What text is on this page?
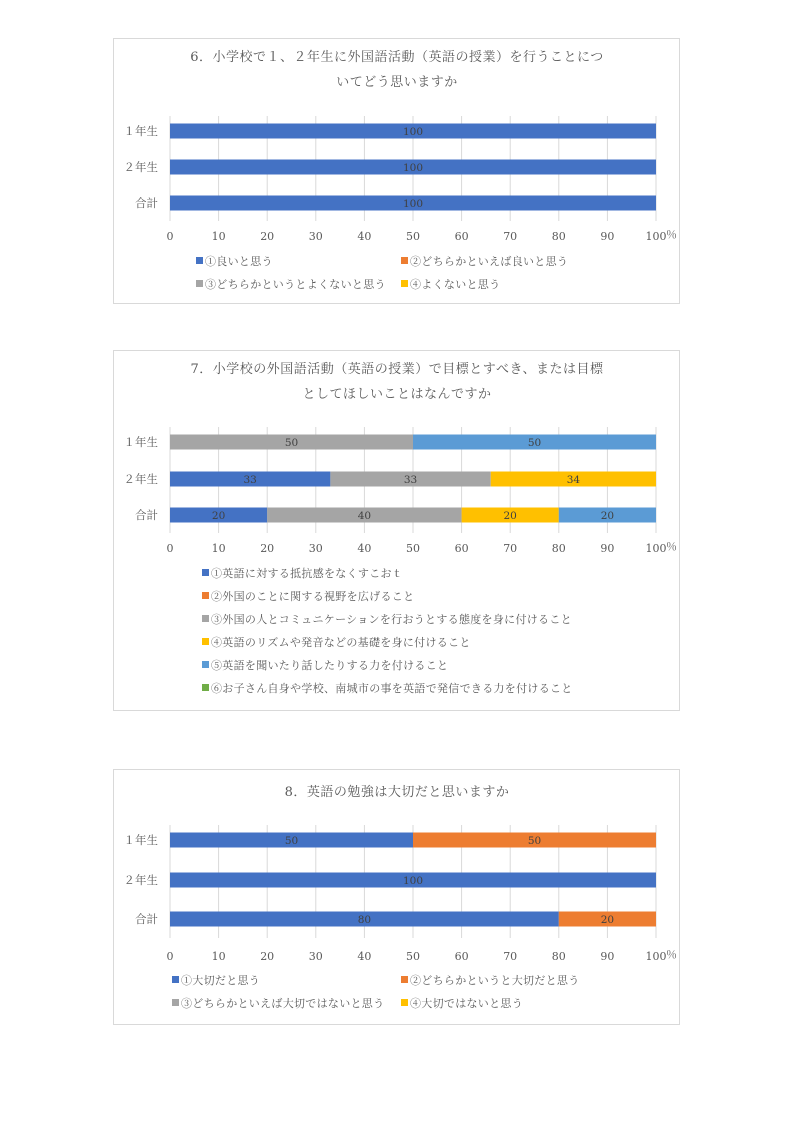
6．小学校で１、２年生に外国語活動（英語の授業）を行うことにつ
いてどう思いますか
0	10	20	30	40	50	60	70	80	90	100 ％
１年生	100
２年生	100
合計	100
①良いと思う	②どちらかといえば良いと思う
③どちらかというとよくないと思う ④よくないと思う
7．小学校の外国語活動（英語の授業）で目標とすべき、または目標
としてほしいことはなんですか
0	10	20	30	40	50	60	70	80	90	100 ％
１年生	50	50
２年生	33	33	34
合計	20	40	20	20
①英語に対する抵抗感をなくすこおｔ
②外国のことに関する視野を広げること
③外国の人とコミュニケーションを行おうとする態度を身に付けること
④英語のリズムや発音などの基礎を身に付けること
⑤英語を聞いたり話したりする力を付けること
⑥お子さん自身や学校、南城市の事を英語で発信できる力を付けること
8．英語の勉強は大切だと思いますか
0	10	20	30	40	50	60	70	80	90	100 ％
１年生	50	50
２年生	100
合計	80	20
①大切だと思う	②どちらかというと大切だと思う
③どちらかといえば大切ではないと思う ④大切ではないと思う
